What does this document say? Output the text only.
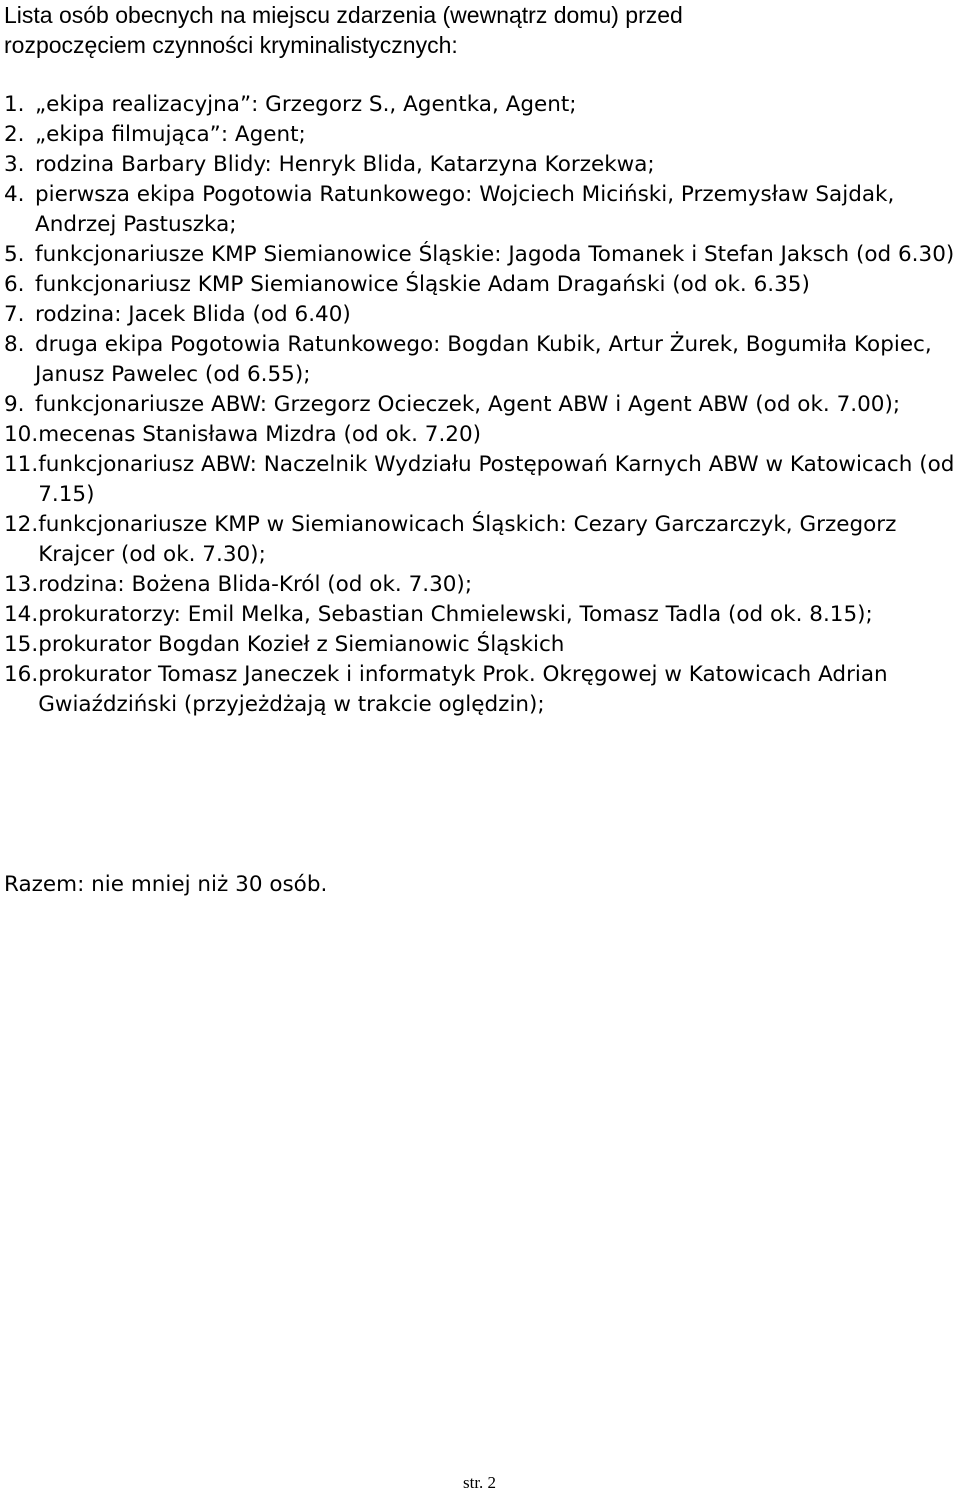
Lista osób obecnych na miejscu zdarzenia (wewnątrz domu) przed
rozpoczęciem czynności kryminalistycznych:
1. „ekipa realizacyjna”: Grzegorz S., Agentka, Agent;
2. „ekipa filmująca”: Agent;
3. rodzina Barbary Blidy: Henryk Blida, Katarzyna Korzekwa;
4. pierwsza ekipa Pogotowia Ratunkowego: Wojciech Miciński, Przemysław Sajdak, Andrzej Pastuszka;
5. funkcjonariusze KMP Siemianowice Śląskie: Jagoda Tomanek i Stefan Jaksch (od 6.30)
6. funkcjonariusz KMP Siemianowice Śląskie Adam Dragański (od ok. 6.35)
7. rodzina: Jacek Blida (od 6.40)
8. druga ekipa Pogotowia Ratunkowego: Bogdan Kubik, Artur Żurek, Bogumiła Kopiec, Janusz Pawelec (od 6.55);
9. funkcjonariusze ABW: Grzegorz Ocieczek, Agent ABW i Agent ABW (od ok. 7.00);
10. mecenas Stanisława Mizdra (od ok. 7.20)
11. funkcjonariusz ABW: Naczelnik Wydziału Postępowań Karnych ABW w Katowicach (od 7.15)
12. funkcjonariusze KMP w Siemianowicach Śląskich: Cezary Garczarczyk, Grzegorz Krajcer (od ok. 7.30);
13. rodzina: Bożena Blida-Król (od ok. 7.30);
14. prokuratorzy: Emil Melka, Sebastian Chmielewski, Tomasz Tadla (od ok. 8.15);
15. prokurator Bogdan Kozieł z Siemianowic Śląskich
16. prokurator Tomasz Janeczek i informatyk Prok. Okręgowej w Katowicach Adrian Gwiaździński (przyjeżdżają w trakcie oględzin);

Razem: nie mniej niż 30 osób.

str. 2
